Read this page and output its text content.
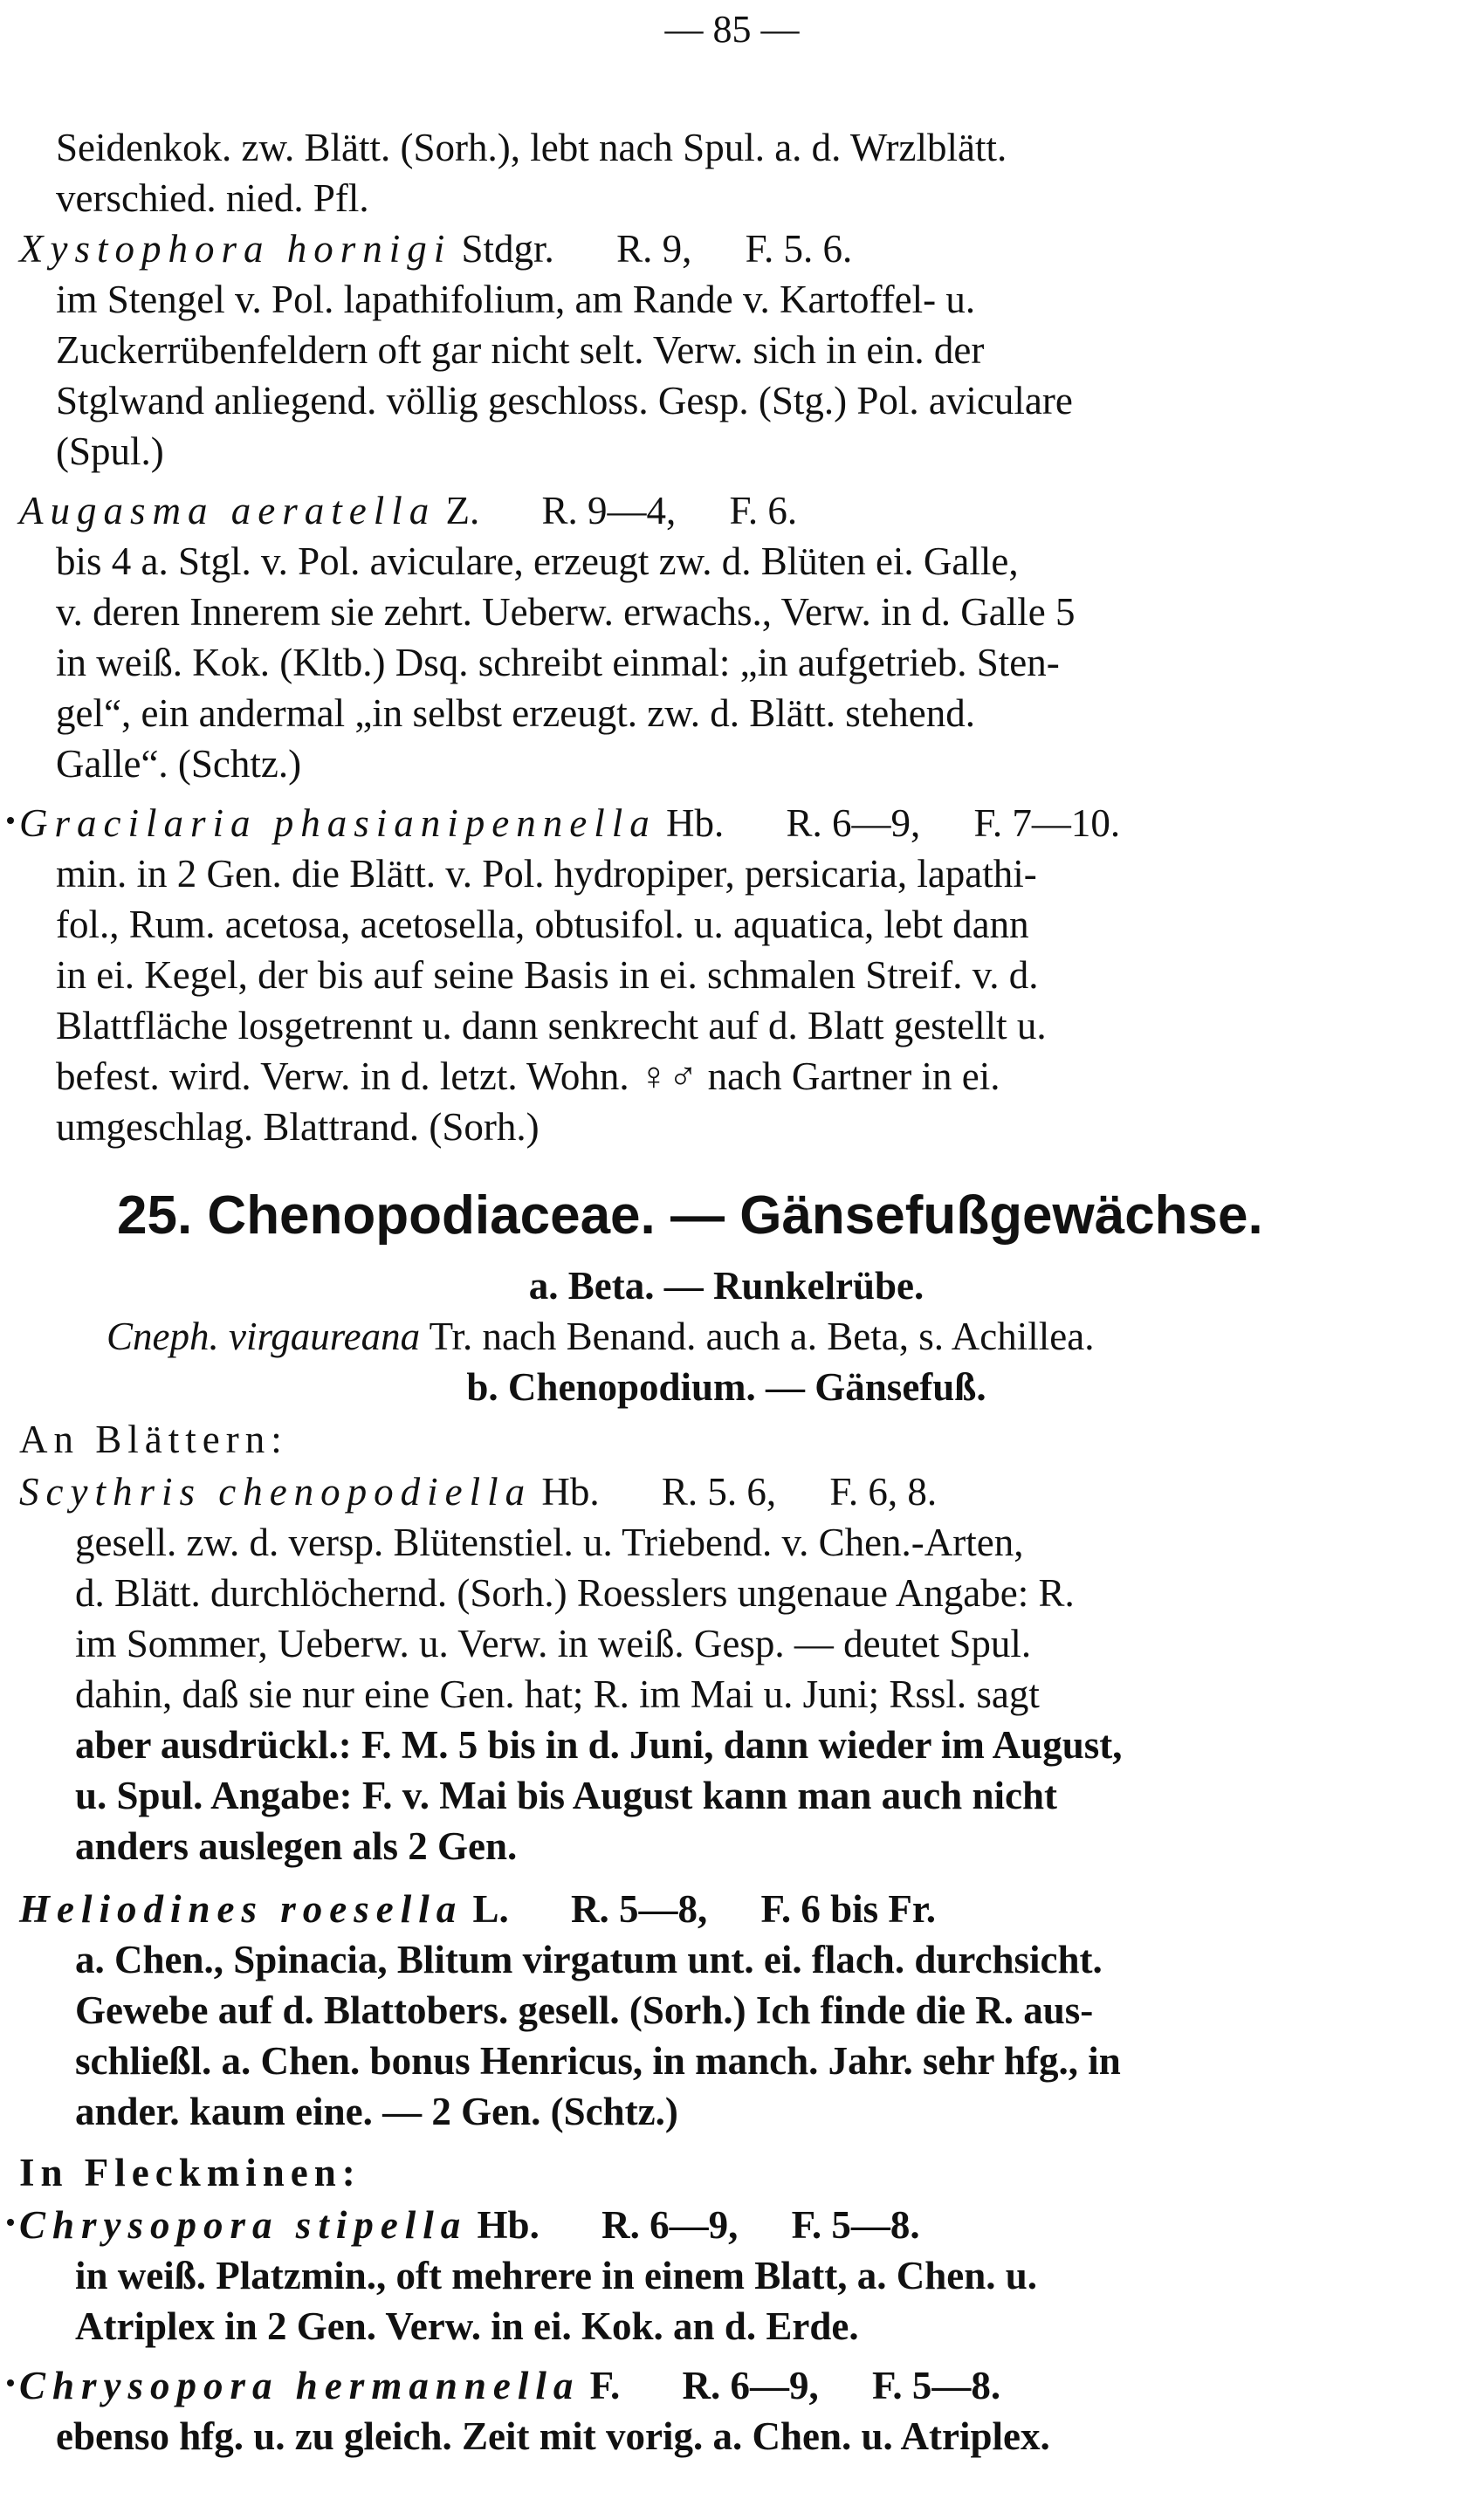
— 85 —
Seidenkok. zw. Blätt. (Sorh.), lebt nach Spul. a. d. Wrzlblätt.
verschied. nied. Pfl.
Xystophora hornigi Stdgr. R. 9, F. 5. 6.
im Stengel v. Pol. lapathifolium, am Rande v. Kartoffel- u.
Zuckerrübenfeldern oft gar nicht selt. Verw. sich in ein. der
Stglwand anliegend. völlig geschloss. Gesp. (Stg.) Pol. aviculare
(Spul.)
Augasma aeratella Z. R. 9—4, F. 6.
bis 4 a. Stgl. v. Pol. aviculare, erzeugt zw. d. Blüten ei. Galle,
v. deren Innerem sie zehrt. Ueberw. erwachs., Verw. in d. Galle 5
in weiß. Kok. (Kltb.) Dsq. schreibt einmal: „in aufgetrieb. Sten-
gel“, ein andermal „in selbst erzeugt. zw. d. Blätt. stehend.
Galle“. (Schtz.)
Gracilaria phasianipennella Hb. R. 6—9, F. 7—10.
min. in 2 Gen. die Blätt. v. Pol. hydropiper, persicaria, lapathi-
fol., Rum. acetosa, acetosella, obtusifol. u. aquatica, lebt dann
in ei. Kegel, der bis auf seine Basis in ei. schmalen Streif. v. d.
Blattfläche losgetrennt u. dann senkrecht auf d. Blatt gestellt u.
befest. wird. Verw. in d. letzt. Wohn. ♀♂ nach Gartner in ei.
umgeschlag. Blattrand. (Sorh.)
25. Chenopodiaceae. — Gänsefußgewächse.
a. Beta. — Runkelrübe.
Cneph. virgaureana Tr. nach Benand. auch a. Beta, s. Achillea.
b. Chenopodium. — Gänsefuß.
An Blättern:
Scythris chenopodiella Hb. R. 5. 6, F. 6, 8.
gesell. zw. d. versp. Blütenstiel. u. Triebend. v. Chen.-Arten,
d. Blätt. durchlöchernd. (Sorh.) Roesslers ungenaue Angabe: R.
im Sommer, Ueberw. u. Verw. in weiß. Gesp. — deutet Spul.
dahin, daß sie nur eine Gen. hat; R. im Mai u. Juni; Rssl. sagt
aber ausdrückl.: F. M. 5 bis in d. Juni, dann wieder im August,
u. Spul. Angabe: F. v. Mai bis August kann man auch nicht
anders auslegen als 2 Gen.
Heliodines roesella L. R. 5—8, F. 6 bis Fr.
a. Chen., Spinacia, Blitum virgatum unt. ei. flach. durchsicht.
Gewebe auf d. Blattobers. gesell. (Sorh.) Ich finde die R. aus-
schließl. a. Chen. bonus Henricus, in manch. Jahr. sehr hfg., in
ander. kaum eine. — 2 Gen. (Schtz.)
In Fleckminen:
Chrysopora stipella Hb. R. 6—9, F. 5—8.
in weiß. Platzmin., oft mehrere in einem Blatt, a. Chen. u.
Atriplex in 2 Gen. Verw. in ei. Kok. an d. Erde.
Chrysopora hermannella F. R. 6—9, F. 5—8.
ebenso hfg. u. zu gleich. Zeit mit vorig. a. Chen. u. Atriplex.
